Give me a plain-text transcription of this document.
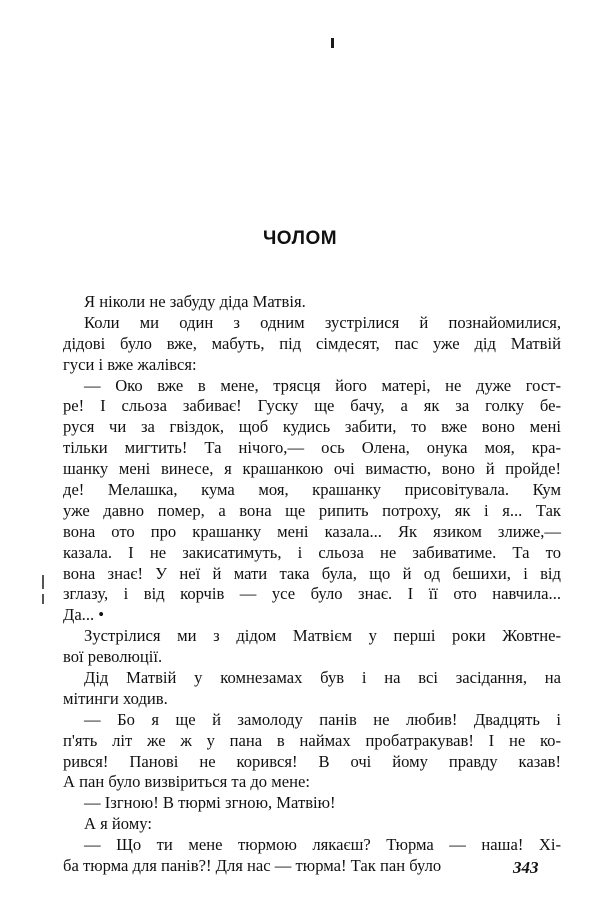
ЧОЛОМ
Я ніколи не забуду діда Матвія.
Коли ми один з одним зустрілися й познайомилися,
дідові було вже, мабуть, під сімдесят, пас уже дід Матвій
гуси і вже жалівся:
— Око вже в мене, трясця його матері, не дуже гост-
ре! І сльоза забиває! Гуску ще бачу, а як за голку бе-
руся чи за гвіздок, щоб кудись забити, то вже воно мені
тільки мигтить! Та нічого,— ось Олена, онука моя, кра-
шанку мені винесе, я крашанкою очі вимастю, воно й пройде!
де! Мелашка, кума моя, крашанку присовітувала. Кум
уже давно помер, а вона ще рипить потроху, як і я... Так
вона ото про крашанку мені казала... Як язиком злиже,—
казала. І не закисатимуть, і сльоза не забиватиме. Та то
вона знає! У неї й мати така була, що й од бешихи, і від
зглазу, і від корчів — усе було знає. І її ото навчила...
Да... •
Зустрілися ми з дідом Матвієм у перші роки Жовтне-
вої революції.
Дід Матвій у комнезамах був і на всі засідання, на
мітинги ходив.
— Бо я ще й замолоду панів не любив! Двадцять і
п'ять літ же ж у пана в наймах пробатракував! І не ко-
рився! Панові не корився! В очі йому правду казав!
А пан було визвіриться та до мене:
— Ізгною! В тюрмі згною, Матвію!
А я йому:
— Що ти мене тюрмою лякаєш? Тюрма — наша! Хі-
ба тюрма для панів?! Для нас — тюрма! Так пан було	343
